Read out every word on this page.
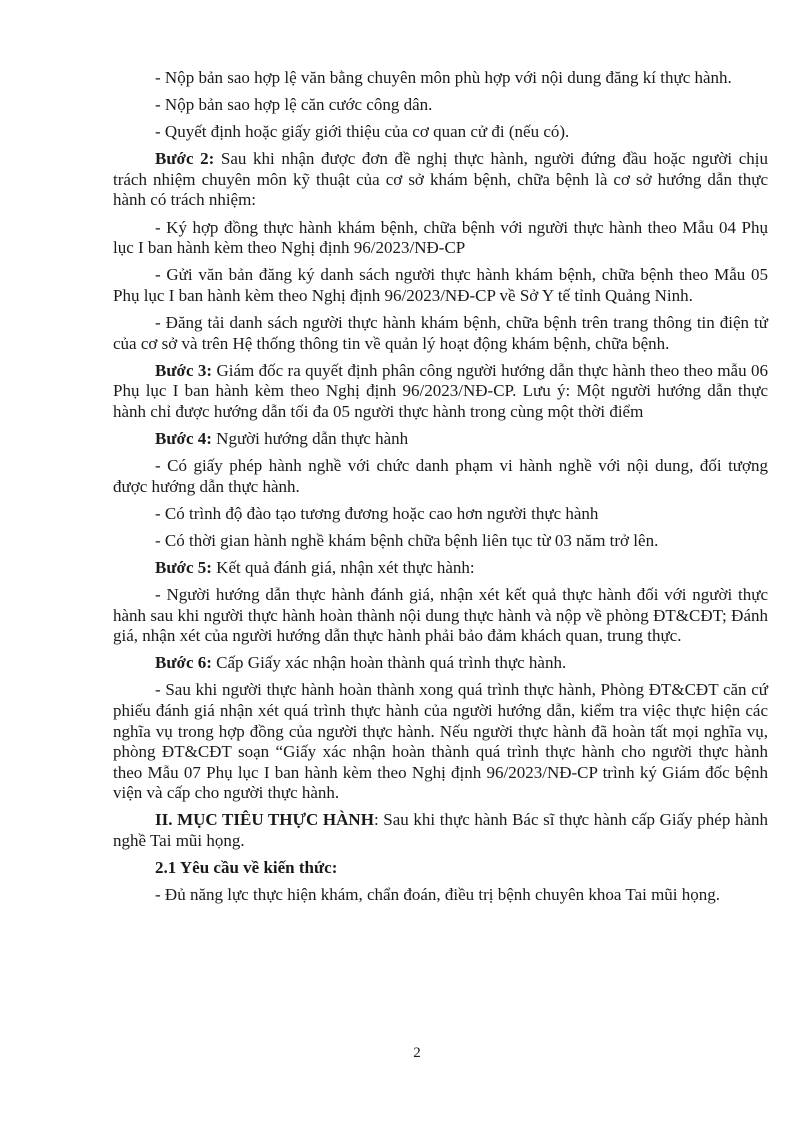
- Nộp bản sao hợp lệ văn bằng chuyên môn phù hợp với nội dung đăng kí thực hành.

- Nộp bản sao hợp lệ căn cước công dân.

- Quyết định hoặc giấy giới thiệu của cơ quan cử đi (nếu có).

Bước 2: Sau khi nhận được đơn đề nghị thực hành, người đứng đầu hoặc người chịu trách nhiệm chuyên môn kỹ thuật của cơ sở khám bệnh, chữa bệnh là cơ sở hướng dẫn thực hành có trách nhiệm:

- Ký hợp đồng thực hành khám bệnh, chữa bệnh với người thực hành theo Mẫu 04 Phụ lục I ban hành kèm theo Nghị định 96/2023/NĐ-CP

- Gửi văn bản đăng ký danh sách người thực hành khám bệnh, chữa bệnh theo Mẫu 05 Phụ lục I ban hành kèm theo Nghị định 96/2023/NĐ-CP về Sở Y tế tỉnh Quảng Ninh.

- Đăng tải danh sách người thực hành khám bệnh, chữa bệnh trên trang thông tin điện tử của cơ sở và trên Hệ thống thông tin về quản lý hoạt động khám bệnh, chữa bệnh.

Bước 3: Giám đốc ra quyết định phân công người hướng dẫn thực hành theo theo mẫu 06 Phụ lục I ban hành kèm theo Nghị định 96/2023/NĐ-CP. Lưu ý: Một người hướng dẫn thực hành chỉ được hướng dẫn tối đa 05 người thực hành trong cùng một thời điểm

Bước 4: Người hướng dẫn thực hành

- Có giấy phép hành nghề với chức danh phạm vi hành nghề với nội dung, đối tượng được hướng dẫn thực hành.

- Có trình độ đào tạo tương đương hoặc cao hơn người thực hành

- Có thời gian hành nghề khám bệnh chữa bệnh liên tục từ 03 năm trở lên.

Bước 5: Kết quả đánh giá, nhận xét thực hành:

- Người hướng dẫn thực hành đánh giá, nhận xét kết quả thực hành đối với người thực hành sau khi người thực hành hoàn thành nội dung thực hành và nộp về phòng ĐT&CĐT; Đánh giá, nhận xét của người hướng dẫn thực hành phải bảo đảm khách quan, trung thực.

Bước 6: Cấp Giấy xác nhận hoàn thành quá trình thực hành.

- Sau khi người thực hành hoàn thành xong quá trình thực hành, Phòng ĐT&CĐT căn cứ phiếu đánh giá nhận xét quá trình thực hành của người hướng dẫn, kiểm tra việc thực hiện các nghĩa vụ trong hợp đồng của người thực hành. Nếu người thực hành đã hoàn tất mọi nghĩa vụ, phòng ĐT&CĐT soạn “Giấy xác nhận hoàn thành quá trình thực hành cho người thực hành theo Mẫu 07 Phụ lục I ban hành kèm theo Nghị định 96/2023/NĐ-CP trình ký Giám đốc bệnh viện và cấp cho người thực hành.

II. MỤC TIÊU THỰC HÀNH: Sau khi thực hành Bác sĩ thực hành cấp Giấy phép hành nghề Tai mũi họng.

2.1 Yêu cầu về kiến thức:

- Đủ năng lực thực hiện khám, chẩn đoán, điều trị bệnh chuyên khoa Tai mũi họng.

2
